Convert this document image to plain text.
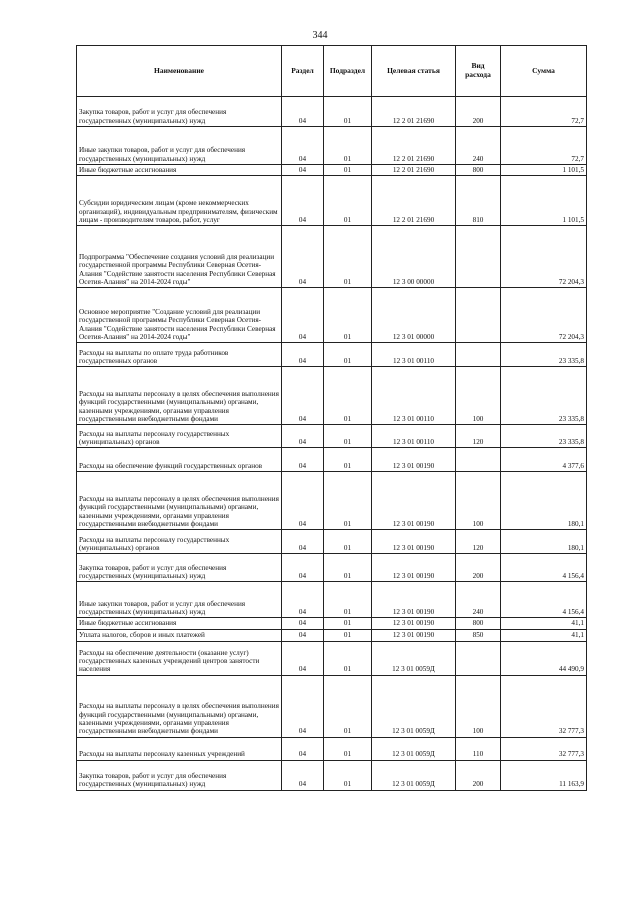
344
Наименование	Раздел	Подраздел	Целевая статья	Вид расхода	Сумма
Закупка товаров, работ и услуг для обеспечения государственных (муниципальных) нужд	04	01	12 2 01 21690	200	72,7
Иные закупки товаров, работ и услуг для обеспечения государственных (муниципальных) нужд	04	01	12 2 01 21690	240	72,7
Иные бюджетные ассигнования	04	01	12 2 01 21690	800	1 101,5
Субсидии юридическим лицам (кроме некоммерческих организаций), индивидуальным предпринимателям, физическим лицам - производителям товаров, работ, услуг	04	01	12 2 01 21690	810	1 101,5
Подпрограмма "Обеспечение создания условий для реализации государственной программы Республики Северная Осетия-Алания "Содействие занятости населения Республики Северная Осетия-Алания" на 2014-2024 годы"	04	01	12 3 00 00000		72 204,3
Основное мероприятие "Создание условий для реализации государственной программы Республики Северная Осетия-Алания "Содействие занятости населения Республики Северная Осетия-Алания" на 2014-2024 годы"	04	01	12 3 01 00000		72 204,3
Расходы на выплаты по оплате труда работников государственных органов	04	01	12 3 01 00110		23 335,8
Расходы на выплаты персоналу в целях обеспечения выполнения функций государственными (муниципальными) органами, казенными учреждениями, органами управления государственными внебюджетными фондами	04	01	12 3 01 00110	100	23 335,8
Расходы на выплаты персоналу государственных (муниципальных) органов	04	01	12 3 01 00110	120	23 335,8
Расходы на обеспечение функций государственных органов	04	01	12 3 01 00190		4 377,6
Расходы на выплаты персоналу в целях обеспечения выполнения функций государственными (муниципальными) органами, казенными учреждениями, органами управления государственными внебюджетными фондами	04	01	12 3 01 00190	100	180,1
Расходы на выплаты персоналу государственных (муниципальных) органов	04	01	12 3 01 00190	120	180,1
Закупка товаров, работ и услуг для обеспечения государственных (муниципальных) нужд	04	01	12 3 01 00190	200	4 156,4
Иные закупки товаров, работ и услуг для обеспечения государственных (муниципальных) нужд	04	01	12 3 01 00190	240	4 156,4
Иные бюджетные ассигнования	04	01	12 3 01 00190	800	41,1
Уплата налогов, сборов и иных платежей	04	01	12 3 01 00190	850	41,1
Расходы на обеспечение деятельности (оказание услуг) государственных казенных учреждений центров занятости населения	04	01	12 3 01 0059Д		44 490,9
Расходы на выплаты персоналу в целях обеспечения выполнения функций государственными (муниципальными) органами, казенными учреждениями, органами управления государственными внебюджетными фондами	04	01	12 3 01 0059Д	100	32 777,3
Расходы на выплаты персоналу казенных учреждений	04	01	12 3 01 0059Д	110	32 777,3
Закупка товаров, работ и услуг для обеспечения государственных (муниципальных) нужд	04	01	12 3 01 0059Д	200	11 163,9
